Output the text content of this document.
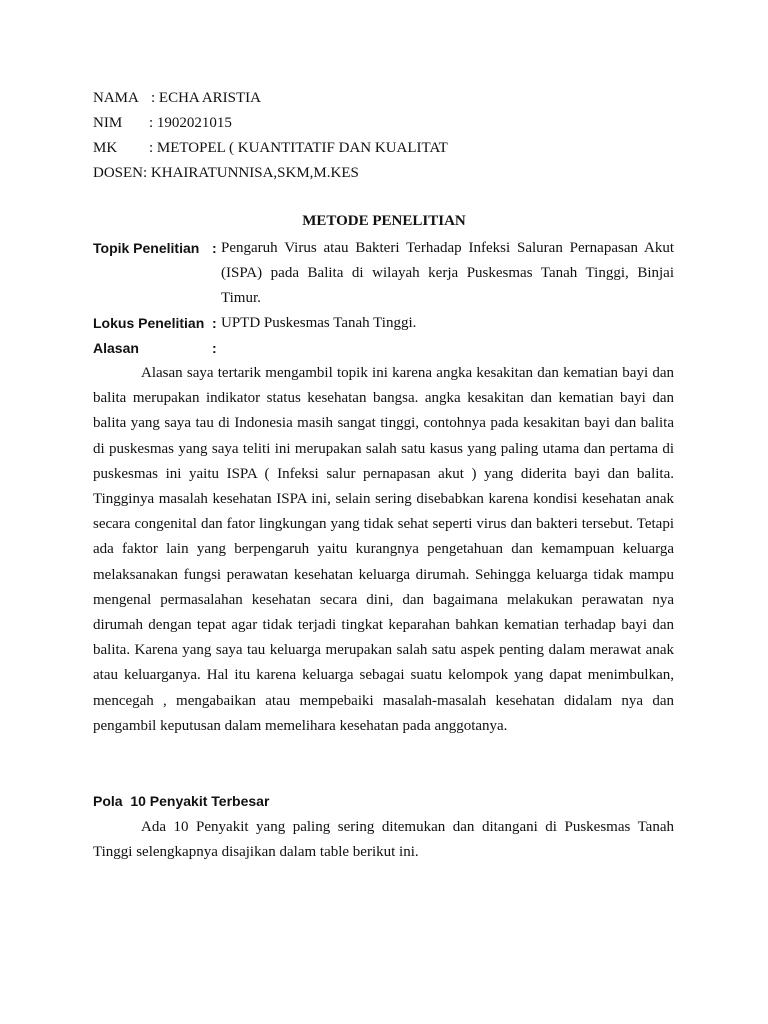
NAMA : ECHA ARISTIA
NIM	: 1902021015
MK	: METOPEL ( KUANTITATIF DAN KUALITAT
DOSEN: KHAIRATUNNISA,SKM,M.KES
METODE PENELITIAN
Topik Penelitian : Pengaruh Virus atau Bakteri Terhadap Infeksi Saluran Pernapasan Akut (ISPA) pada Balita di wilayah kerja Puskesmas Tanah Tinggi, Binjai Timur.
Lokus Penelitian : UPTD Puskesmas Tanah Tinggi.
Alasan	:
Alasan saya tertarik mengambil topik ini karena angka kesakitan dan kematian bayi dan balita merupakan indikator status kesehatan bangsa. angka kesakitan dan kematian bayi dan balita yang saya tau di Indonesia masih sangat tinggi, contohnya pada kesakitan bayi dan balita di puskesmas yang saya teliti ini merupakan salah satu kasus yang paling utama dan pertama di puskesmas ini yaitu ISPA ( Infeksi salur pernapasan akut ) yang diderita bayi dan balita. Tingginya masalah kesehatan ISPA ini, selain sering disebabkan karena kondisi kesehatan anak secara congenital dan fator lingkungan yang tidak sehat seperti virus dan bakteri tersebut. Tetapi ada faktor lain yang berpengaruh yaitu kurangnya pengetahuan dan kemampuan keluarga melaksanakan fungsi perawatan kesehatan keluarga dirumah. Sehingga keluarga tidak mampu mengenal permasalahan kesehatan secara dini, dan bagaimana melakukan perawatan nya dirumah dengan tepat agar tidak terjadi tingkat keparahan bahkan kematian terhadap bayi dan balita. Karena yang saya tau keluarga merupakan salah satu aspek penting dalam merawat anak atau keluarganya. Hal itu karena keluarga sebagai suatu kelompok yang dapat menimbulkan, mencegah , mengabaikan atau mempebaiki masalah-masalah kesehatan didalam nya dan pengambil keputusan dalam memelihara kesehatan pada anggotanya.
Pola  10 Penyakit Terbesar
Ada 10 Penyakit yang paling sering ditemukan dan ditangani di Puskesmas Tanah Tinggi selengkapnya disajikan dalam table berikut ini.
